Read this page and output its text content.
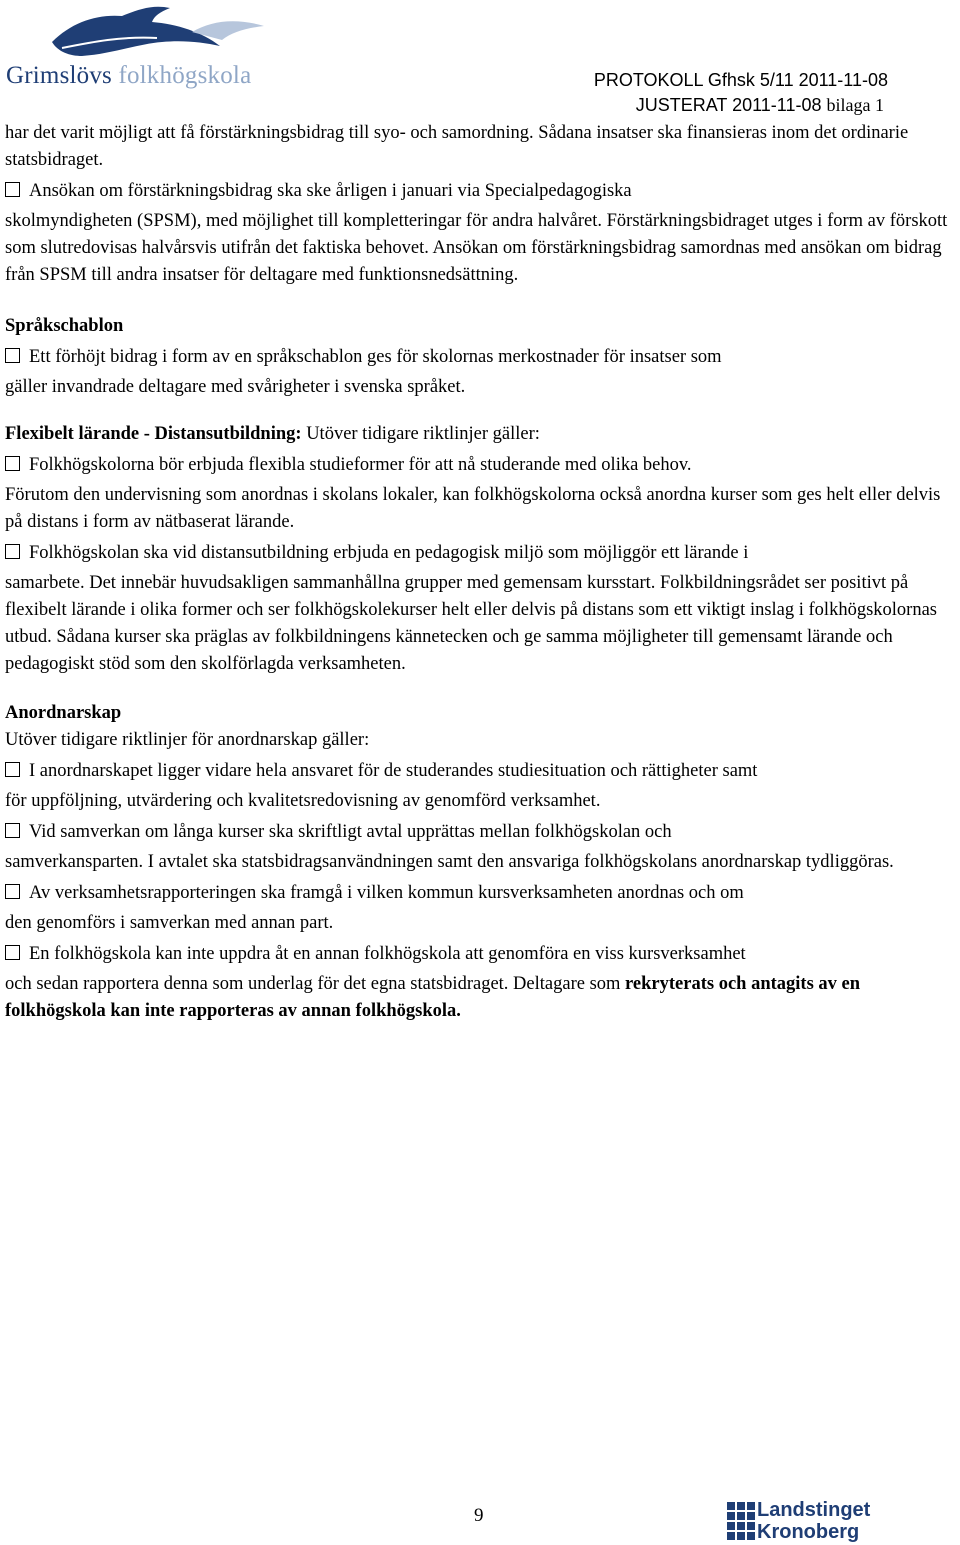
Grimslövs folkhögskola	PROTOKOLL Gfhsk 5/11 2011-11-08
JUSTERAT 2011-11-08 bilaga 1

har det varit möjligt att få förstärkningsbidrag till syo- och samordning. Sådana insatser ska finansieras inom det ordinarie statsbidraget.

Ansökan om förstärkningsbidrag ska ske årligen i januari via Specialpedagogiska
skolmyndigheten (SPSM), med möjlighet till kompletteringar för andra halvåret. Förstärkningsbidraget utges i form av förskott som slutredovisas halvårsvis utifrån det faktiska behovet. Ansökan om förstärkningsbidrag samordnas med ansökan om bidrag från SPSM till andra insatser för deltagare med funktionsnedsättning.

Språkschablon

Ett förhöjt bidrag i form av en språkschablon ges för skolornas merkostnader för insatser som
gäller invandrade deltagare med svårigheter i svenska språket.

Flexibelt lärande - Distansutbildning: Utöver tidigare riktlinjer gäller:

Folkhögskolorna bör erbjuda flexibla studieformer för att nå studerande med olika behov.

Förutom den undervisning som anordnas i skolans lokaler, kan folkhögskolorna också anordna kurser som ges helt eller delvis på distans i form av nätbaserat lärande.

Folkhögskolan ska vid distansutbildning erbjuda en pedagogisk miljö som möjliggör ett lärande i
samarbete. Det innebär huvudsakligen sammanhållna grupper med gemensam kursstart. Folkbildningsrådet ser positivt på flexibelt lärande i olika former och ser folkhögskolekurser helt eller delvis på distans som ett viktigt inslag i folkhögskolornas utbud. Sådana kurser ska präglas av folkbildningens kännetecken och ge samma möjligheter till gemensamt lärande och pedagogiskt stöd som den skolförlagda verksamheten.

Anordnarskap

Utöver tidigare riktlinjer för anordnarskap gäller:

I anordnarskapet ligger vidare hela ansvaret för de studerandes studiesituation och rättigheter samt
för uppföljning, utvärdering och kvalitetsredovisning av genomförd verksamhet.

Vid samverkan om långa kurser ska skriftligt avtal upprättas mellan folkhögskolan och
samverkansparten. I avtalet ska statsbidragsanvändningen samt den ansvariga folkhögskolans anordnarskap tydliggöras.

Av verksamhetsrapporteringen ska framgå i vilken kommun kursverksamheten anordnas och om
den genomförs i samverkan med annan part.

En folkhögskola kan inte uppdra åt en annan folkhögskola att genomföra en viss kursverksamhet
och sedan rapportera denna som underlag för det egna statsbidraget. Deltagare som rekryterats och antagits av en folkhögskola kan inte rapporteras av annan folkhögskola.

9	Landstinget
Kronoberg
